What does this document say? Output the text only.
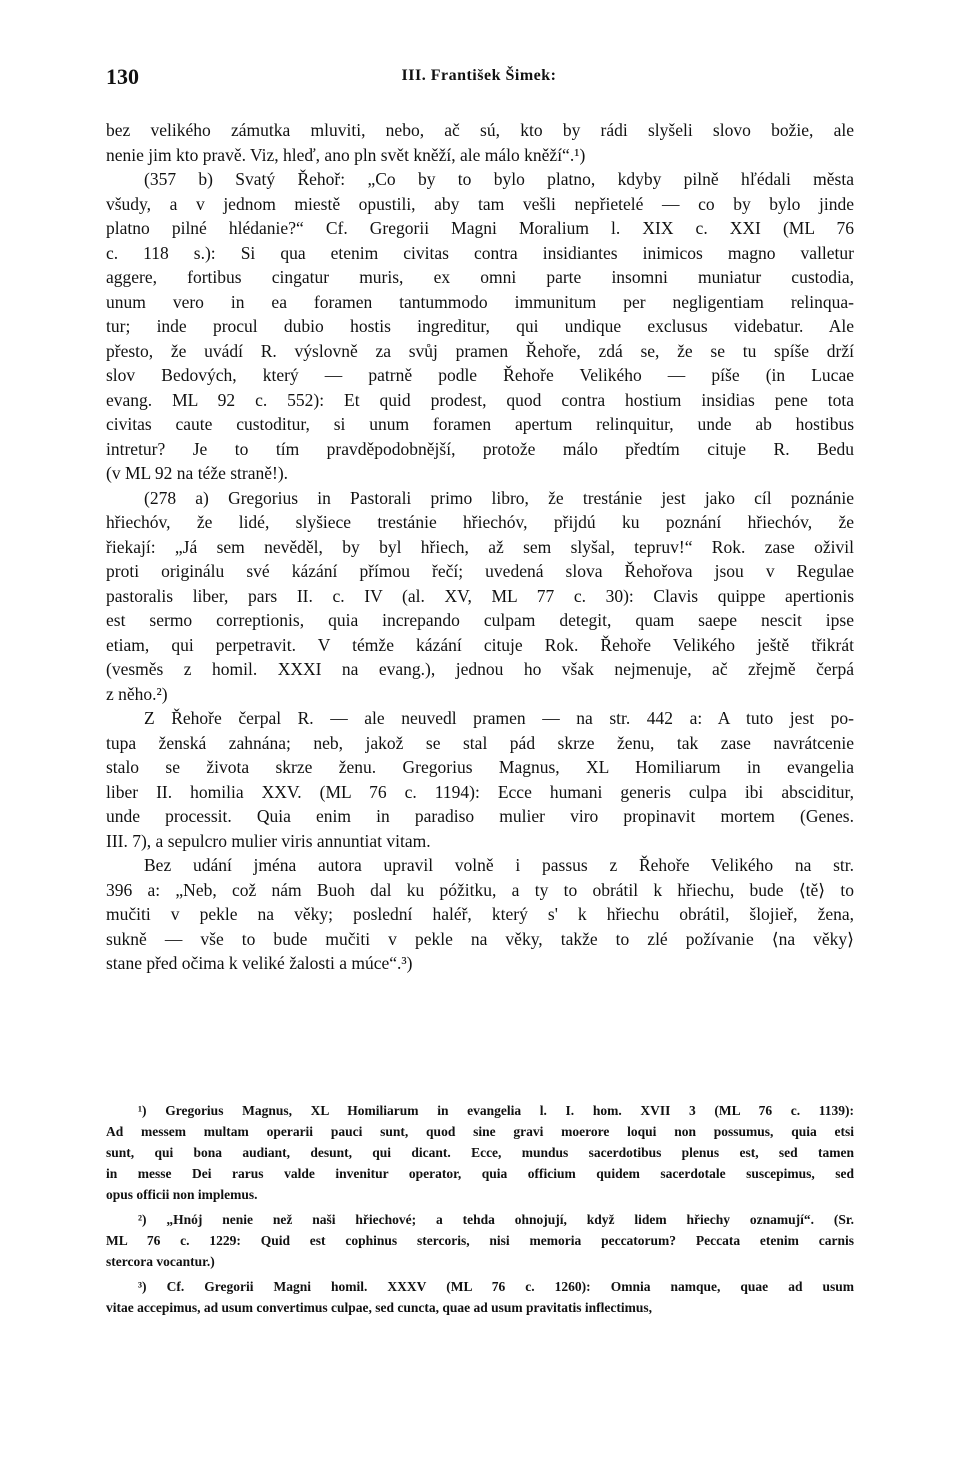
130	III. František Šimek:
bez velikého zámutka mluviti, nebo, ač sú, kto by rádi slyšeli slovo božie, ale
nenie jim kto pravě. Viz, hleď, ano pln svět kněží, ale málo kněží“.¹)
(357 b) Svatý Řehoř: „Co by to bylo platno, kdyby pilně hľédali města
všudy, a v jednom miestě opustili, aby tam vešli nepřietelé — co by bylo jinde
platno pilné hlédanie?“ Cf. Gregorii Magni Moralium l. XIX c. XXI (ML 76
c. 118 s.): Si qua etenim civitas contra insidiantes inimicos magno valletur
aggere, fortibus cingatur muris, ex omni parte insomni muniatur custodia,
unum vero in ea foramen tantummodo immunitum per negligentiam relinqua-
tur; inde procul dubio hostis ingreditur, qui undique exclusus videbatur. Ale
přesto, že uvádí R. výslovně za svůj pramen Řehoře, zdá se, že se tu spíše drží
slov Bedových, který — patrně podle Řehoře Velikého — píše (in Lucae
evang. ML 92 c. 552): Et quid prodest, quod contra hostium insidias pene tota
civitas caute custoditur, si unum foramen apertum relinquitur, unde ab hostibus
intretur? Je to tím pravděpodobnější, protože málo předtím cituje R. Bedu
(v ML 92 na téže straně!).
(278 a) Gregorius in Pastorali primo libro, že trestánie jest jako cíl poznánie
hřiechóv, že lidé, slyšiece trestánie hřiechóv, přijdú ku poznání hřiechóv, že
řiekají: „Já sem nevěděl, by byl hřiech, až sem slyšal, tepruv!“ Rok. zase oživil
proti originálu své kázání přímou řečí; uvedená slova Řehořova jsou v Regulae
pastoralis liber, pars II. c. IV (al. XV, ML 77 c. 30): Clavis quippe apertionis
est sermo correptionis, quia increpando culpam detegit, quam saepe nescit ipse
etiam, qui perpetravit. V témže kázání cituje Rok. Řehoře Velikého ještě třikrát
(vesměs z homil. XXXI na evang.), jednou ho však nejmenuje, ač zřejmě čerpá
z něho.²)
Z Řehoře čerpal R. — ale neuvedl pramen — na str. 442 a: A tuto jest po-
tupa ženská zahnána; neb, jakož se stal pád skrze ženu, tak zase navrátcenie
stalo se života skrze ženu. Gregorius Magnus, XL Homiliarum in evangelia
liber II. homilia XXV. (ML 76 c. 1194): Ecce humani generis culpa ibi absciditur,
unde processit. Quia enim in paradiso mulier viro propinavit mortem (Genes.
III. 7), a sepulcro mulier viris annuntiat vitam.
Bez udání jména autora upravil volně i passus z Řehoře Velikého na str.
396 a: „Neb, což nám Buoh dal ku póžitku, a ty to obrátil k hřiechu, bude ⟨tě⟩ to
mučiti v pekle na věky; poslední haléř, který s' k hřiechu obrátil, šlojieř, žena,
sukně — vše to bude mučiti v pekle na věky, takže to zlé požívanie ⟨na věky⟩
stane před očima k veliké žalosti a múce“.³)
¹) Gregorius Magnus, XL Homiliarum in evangelia l. I. hom. XVII 3 (ML 76 c. 1139):
Ad messem multam operarii pauci sunt, quod sine gravi moerore loqui non possumus, quia etsi
sunt, qui bona audiant, desunt, qui dicant. Ecce, mundus sacerdotibus plenus est, sed tamen
in messe Dei rarus valde invenitur operator, quia officium quidem sacerdotale suscepimus, sed
opus officii non implemus.
²) „Hnój nenie než naši hřiechové; a tehda ohnojují, když lidem hřiechy oznamují“. (Sr.
ML 76 c. 1229: Quid est cophinus stercoris, nisi memoria peccatorum? Peccata etenim carnis
stercora vocantur.)
³) Cf. Gregorii Magni homil. XXXV (ML 76 c. 1260): Omnia namque, quae ad usum
vitae accepimus, ad usum convertimus culpae, sed cuncta, quae ad usum pravitatis inflectimus,
